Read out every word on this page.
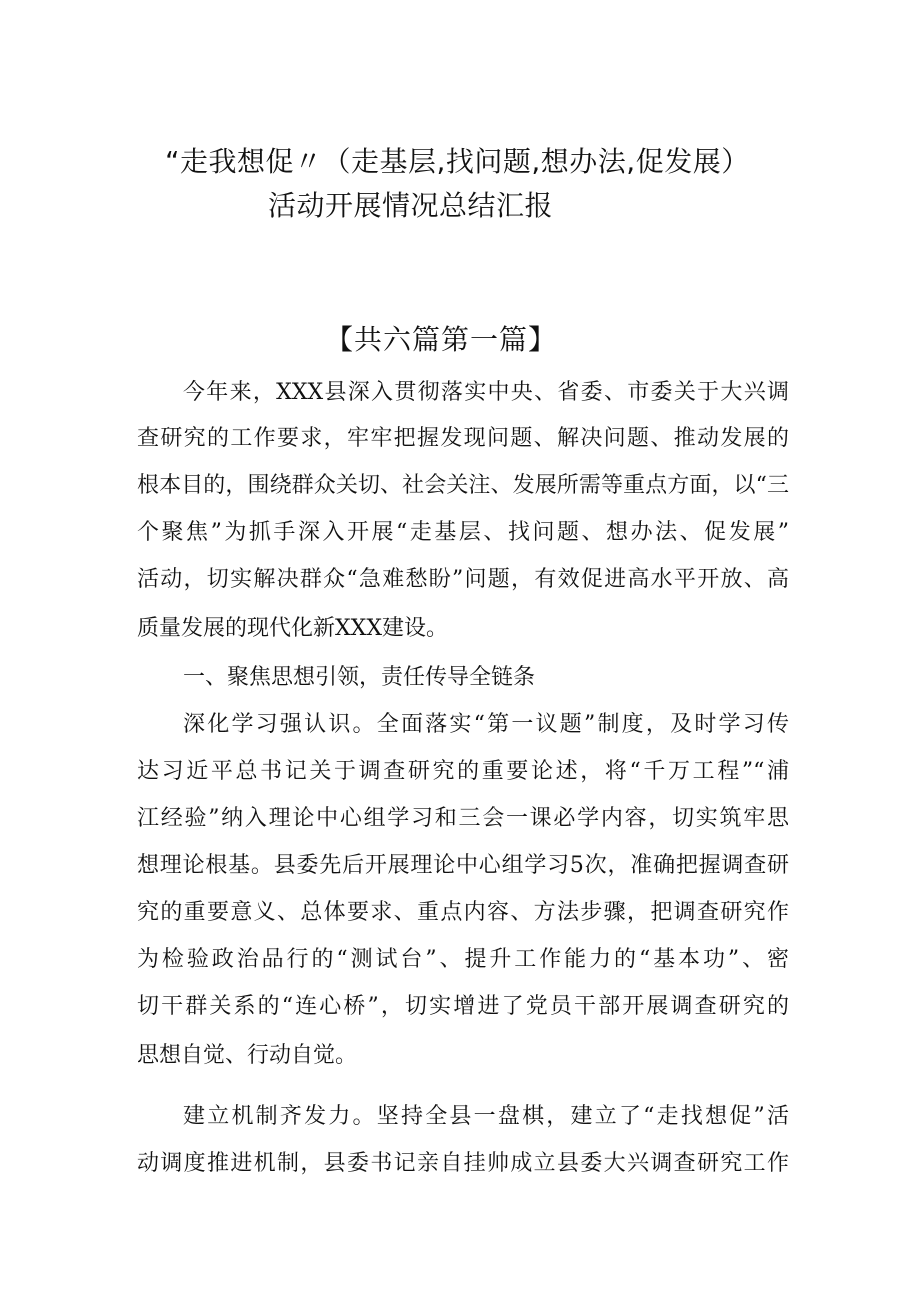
“走我想促〃（走基层,找问题,想办法,促发展）
活动开展情况总结汇报
【共六篇第一篇】
今年来，XXX县深入贯彻落实中央、省委、市委关于大兴调
查研究的工作要求，牢牢把握发现问题、解决问题、推动发展的
根本目的，围绕群众关切、社会关注、发展所需等重点方面，以“三
个聚焦”为抓手深入开展“走基层、找问题、想办法、促发展”
活动，切实解决群众“急难愁盼”问题，有效促进高水平开放、高
质量发展的现代化新XXX建设。
一、聚焦思想引领，责任传导全链条
深化学习强认识。全面落实“第一议题”制度，及时学习传
达习近平总书记关于调查研究的重要论述，将“千万工程”“浦
江经验”纳入理论中心组学习和三会一课必学内容，切实筑牢思
想理论根基。县委先后开展理论中心组学习5次，准确把握调查研
究的重要意义、总体要求、重点内容、方法步骤，把调查研究作
为检验政治品行的“测试台”、提升工作能力的“基本功”、密
切干群关系的“连心桥”，切实增进了党员干部开展调查研究的
思想自觉、行动自觉。
建立机制齐发力。坚持全县一盘棋，建立了“走找想促”活
动调度推进机制，县委书记亲自挂帅成立县委大兴调查研究工作
